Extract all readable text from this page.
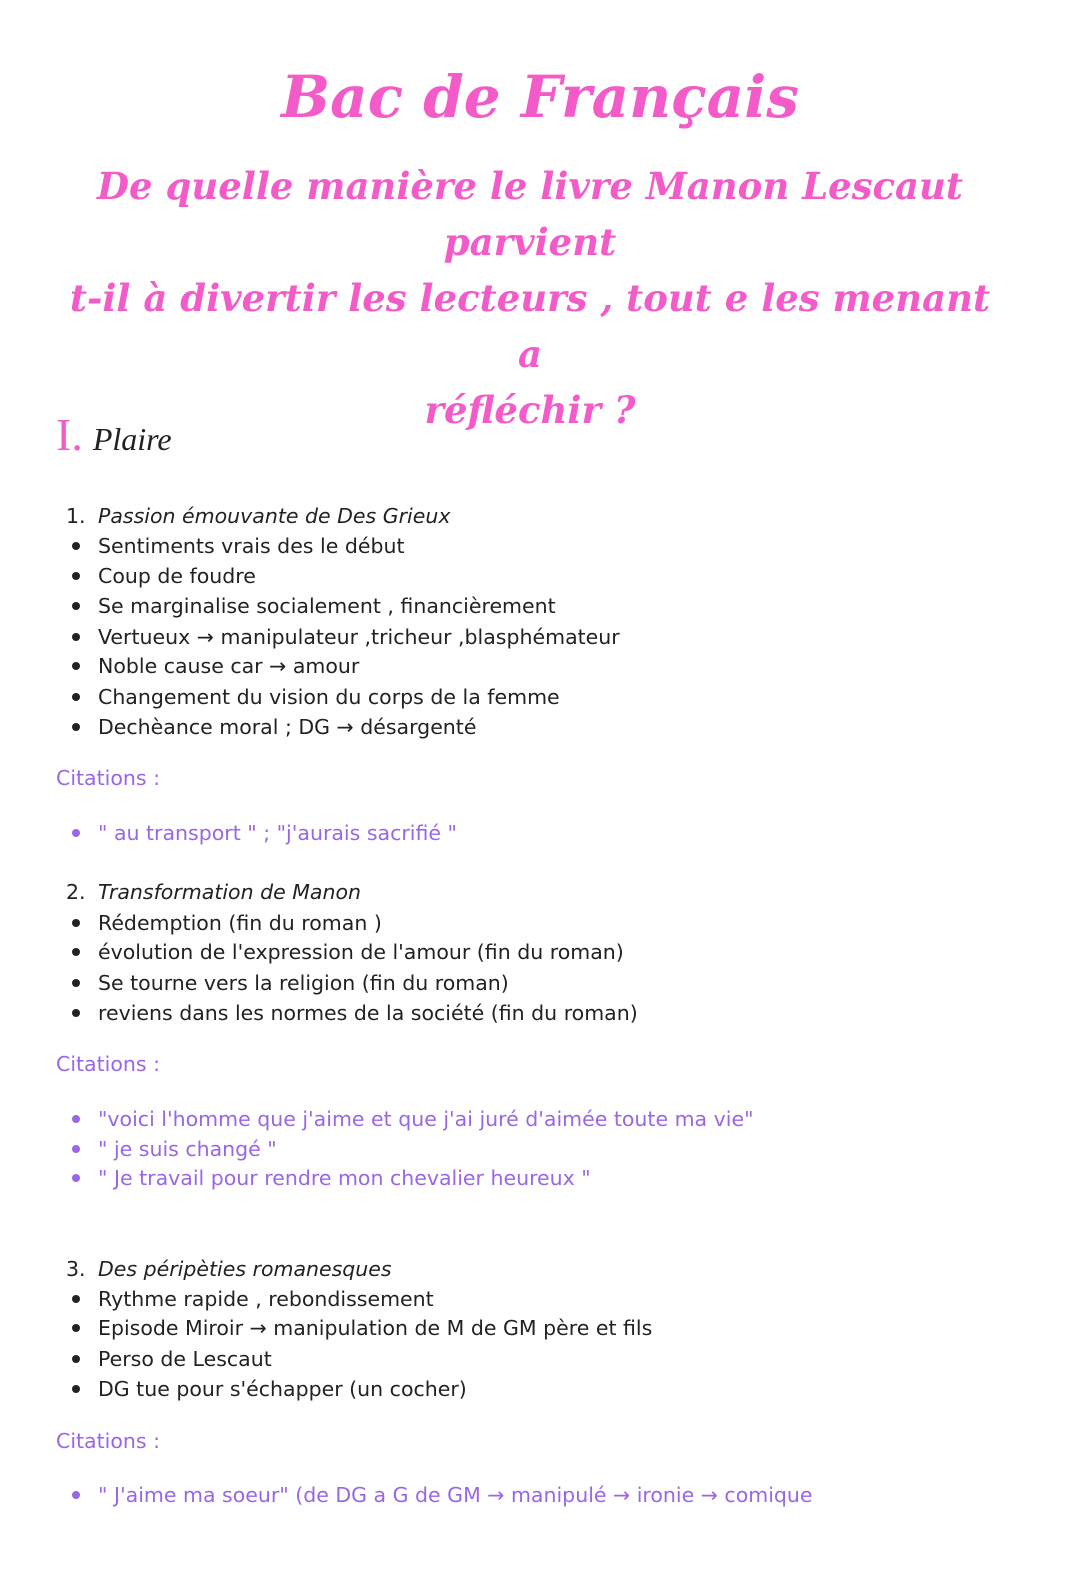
Bac de Français
De quelle manière le livre Manon Lescaut parvient
t-il à divertir les lecteurs , tout e les menant a
réfléchir ?
I. Plaire
1. Passion émouvante de Des Grieux
Sentiments vrais des le début
Coup de foudre
Se marginalise socialement , financièrement
Vertueux → manipulateur ,tricheur ,blasphémateur
Noble cause car → amour
Changement du vision du corps de la femme
Dechèance moral ; DG → désargenté
Citations :
" au transport " ; "j'aurais sacrifié "
2. Transformation de Manon
Rédemption (fin du roman )
évolution de l'expression de l'amour (fin du roman)
Se tourne vers la religion (fin du roman)
reviens dans les normes de la société (fin du roman)
Citations :
"voici l'homme que j'aime et que j'ai juré d'aimée toute ma vie"
" je suis changé "
" Je travail pour rendre mon chevalier heureux "
3. Des péripèties romanesques
Rythme rapide , rebondissement
Episode Miroir → manipulation de M de GM père et fils
Perso de Lescaut
DG tue pour s'échapper (un cocher)
Citations :
" J'aime ma soeur" (de DG a G de GM → manipulé → ironie → comique
